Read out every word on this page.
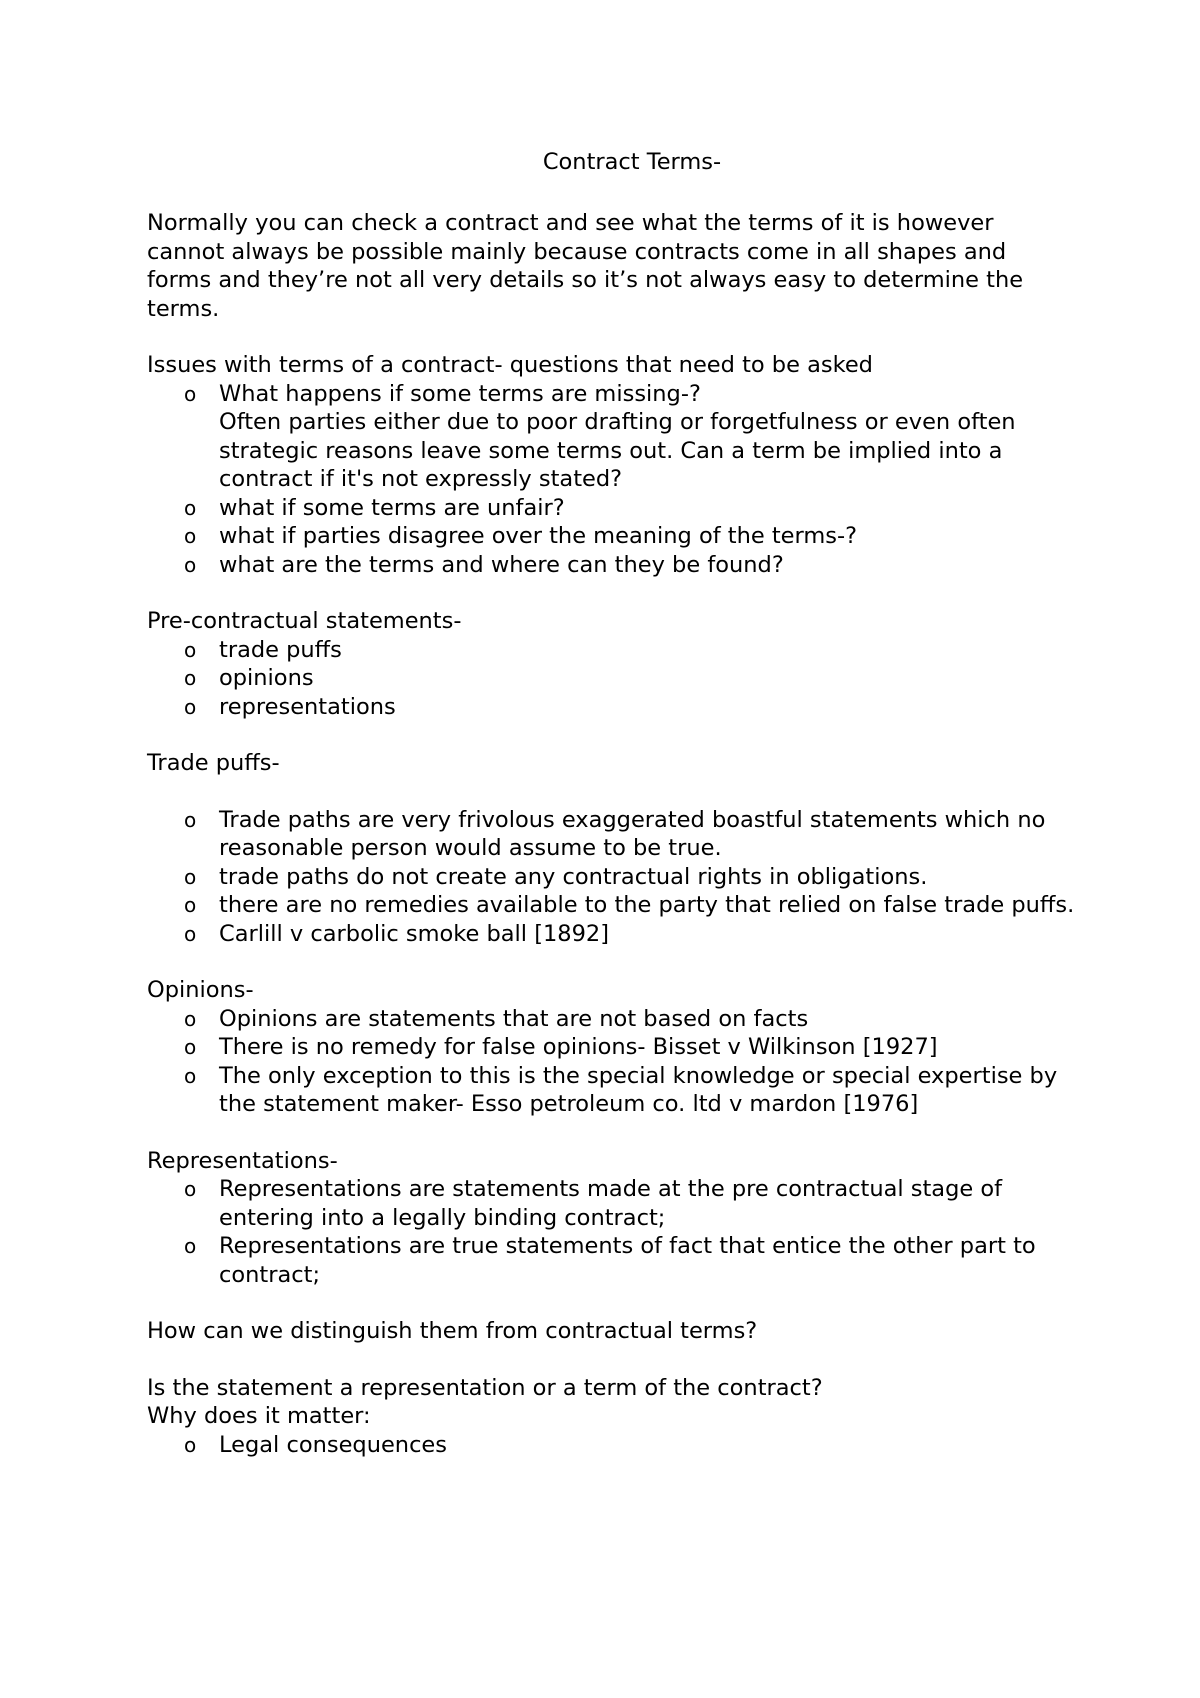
Contract Terms-

Normally you can check a contract and see what the terms of it is however cannot always be possible mainly because contracts come in all shapes and forms and they’re not all very details so it’s not always easy to determine the terms.

Issues with terms of a contract- questions that need to be asked

o What happens if some terms are missing-?
Often parties either due to poor drafting or forgetfulness or even often strategic reasons leave some terms out. Can a term be implied into a contract if it's not expressly stated?
o what if some terms are unfair?
o what if parties disagree over the meaning of the terms-?
o what are the terms and where can they be found?

Pre-contractual statements-

o trade puffs
o opinions
o representations

Trade puffs-

o Trade paths are very frivolous exaggerated boastful statements which no reasonable person would assume to be true.
o trade paths do not create any contractual rights in obligations.
o there are no remedies available to the party that relied on false trade puffs.
o Carlill v carbolic smoke ball [1892]

Opinions-

o Opinions are statements that are not based on facts
o There is no remedy for false opinions- Bisset v Wilkinson [1927]
o The only exception to this is the special knowledge or special expertise by the statement maker- Esso petroleum co. ltd v mardon [1976]

Representations-

o Representations are statements made at the pre contractual stage of entering into a legally binding contract;
o Representations are true statements of fact that entice the other part to contract;

How can we distinguish them from contractual terms?

Is the statement a representation or a term of the contract?

Why does it matter:

o Legal consequences
